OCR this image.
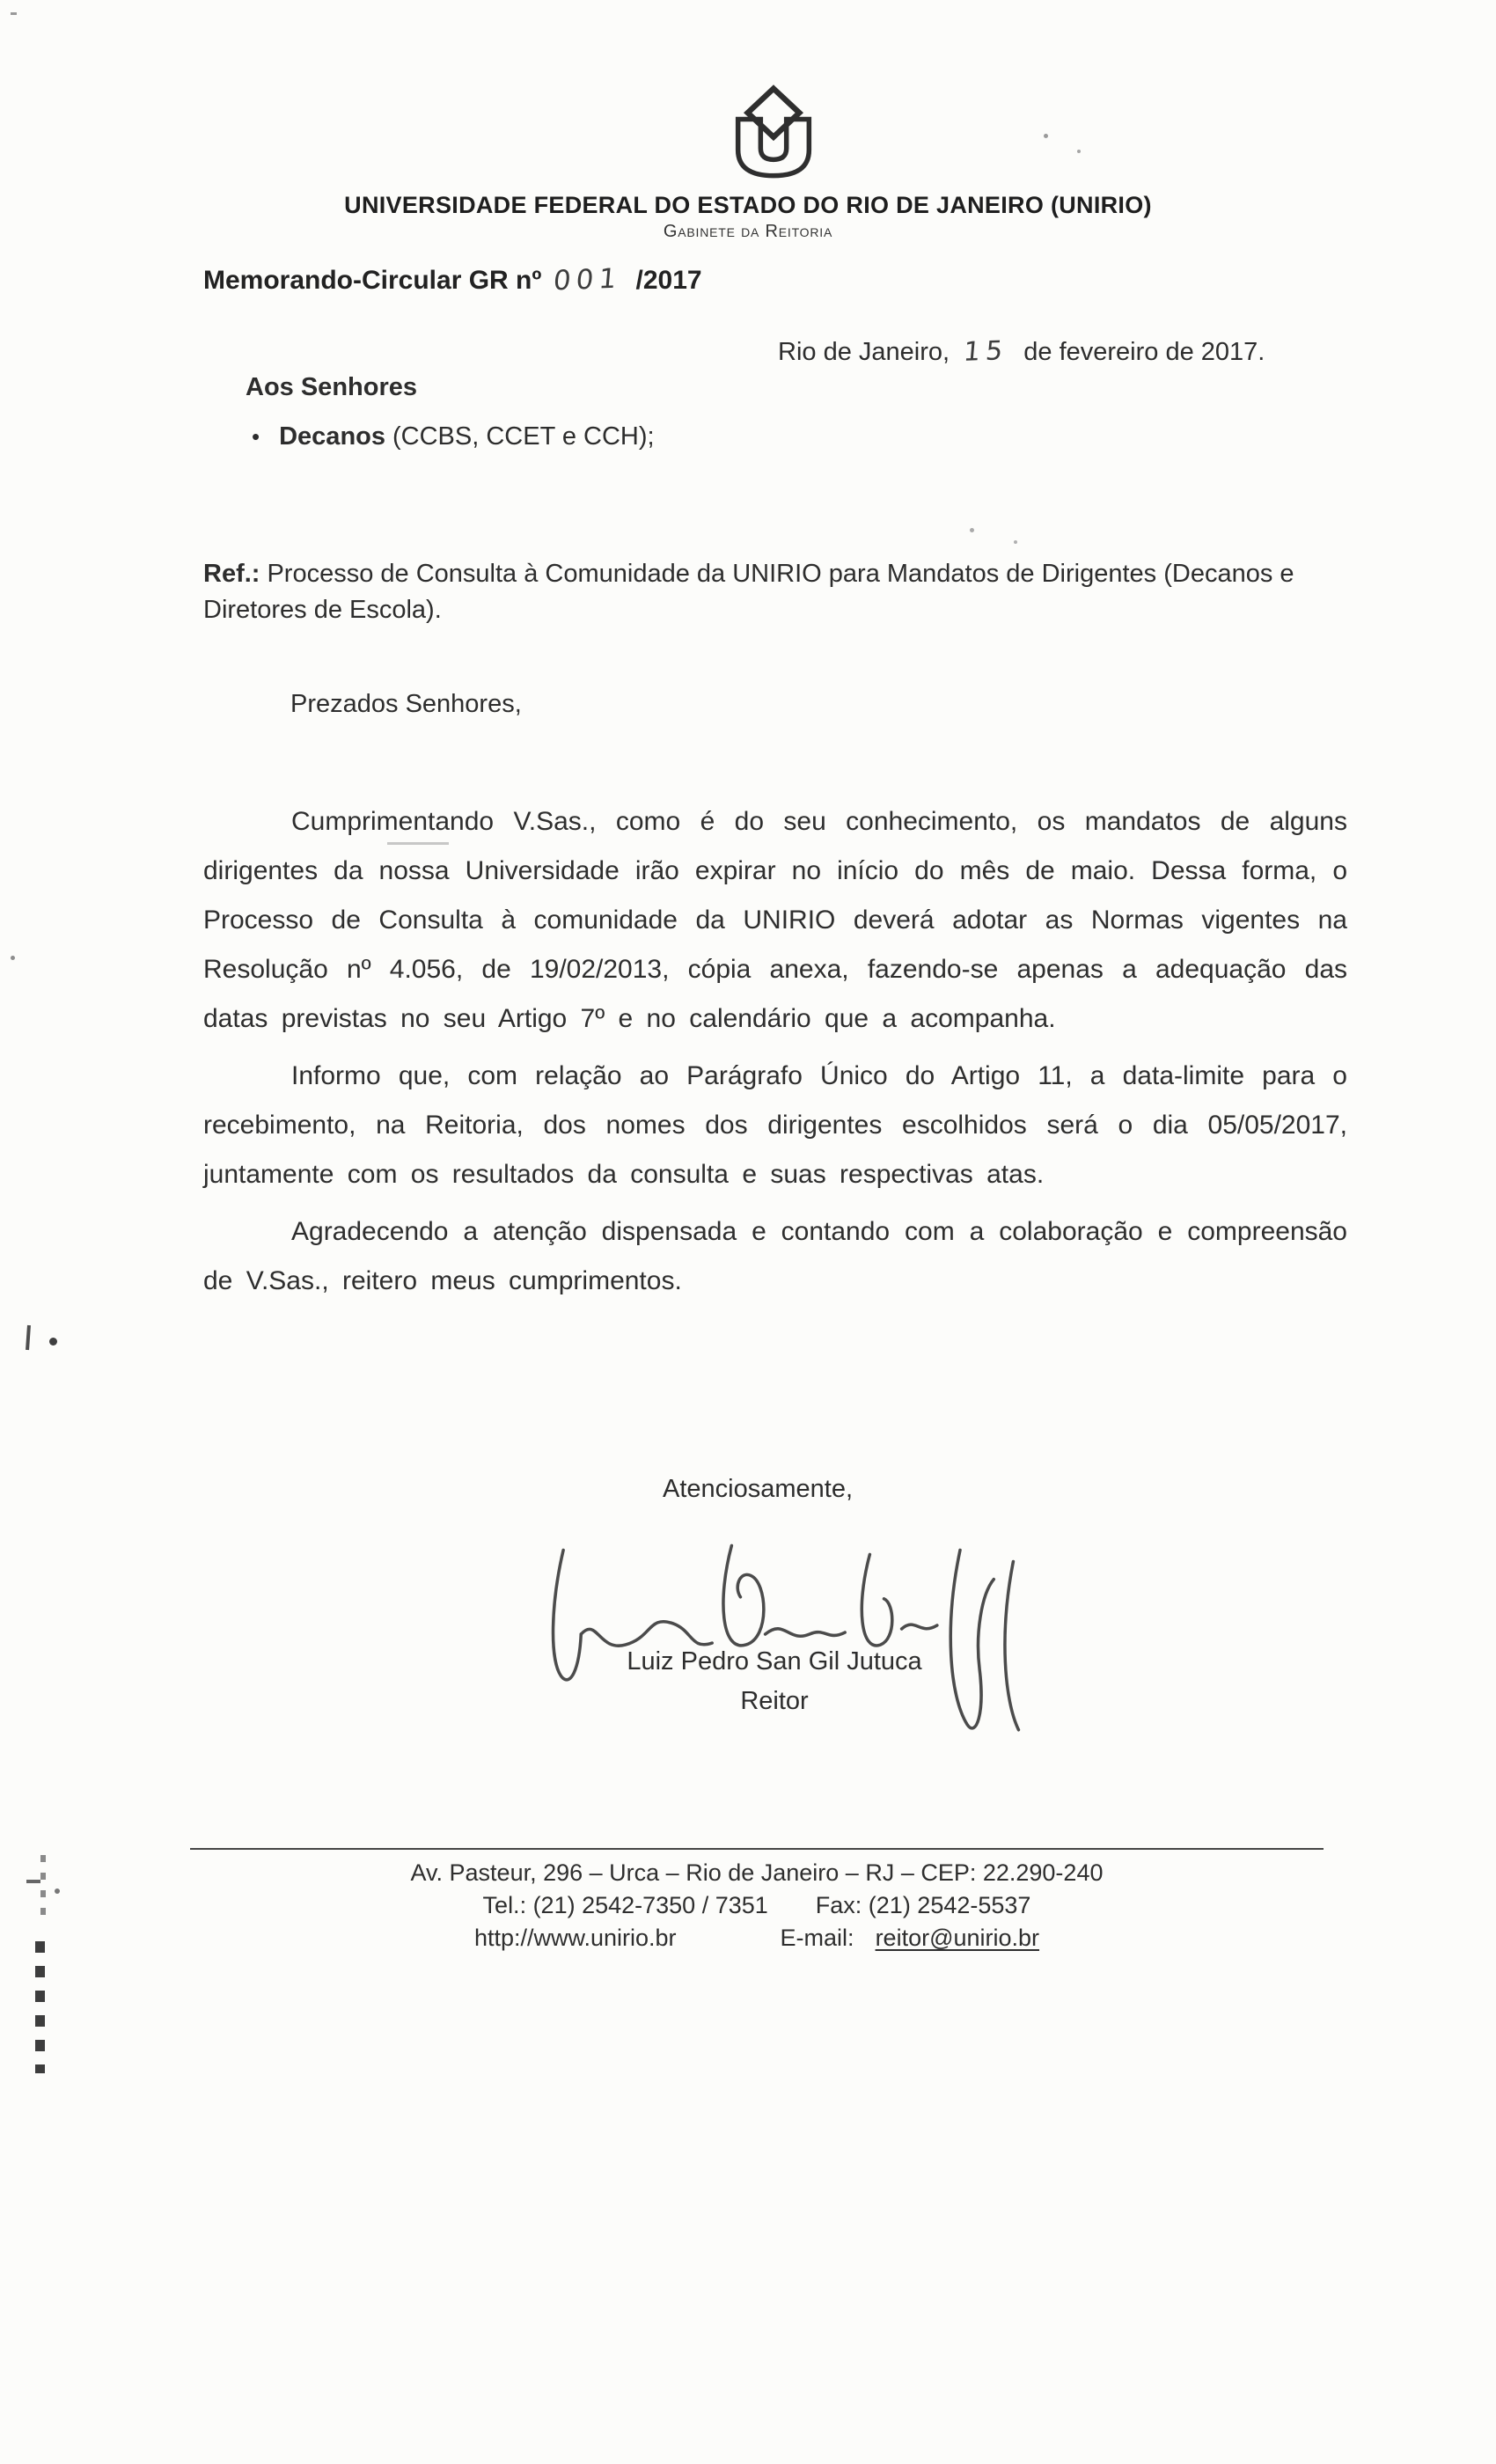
UNIVERSIDADE FEDERAL DO ESTADO DO RIO DE JANEIRO (UNIRIO)
Gabinete da Reitoria
Memorando-Circular GR nº 001 /2017
Rio de Janeiro, 15 de fevereiro de 2017.
Aos Senhores
• Decanos (CCBS, CCET e CCH);

Ref.: Processo de Consulta à Comunidade da UNIRIO para Mandatos de Dirigentes (Decanos e Diretores de Escola).

Prezados Senhores,

Cumprimentando V.Sas., como é do seu conhecimento, os mandatos de alguns dirigentes da nossa Universidade irão expirar no início do mês de maio. Dessa forma, o Processo de Consulta à comunidade da UNIRIO deverá adotar as Normas vigentes na Resolução nº 4.056, de 19/02/2013, cópia anexa, fazendo-se apenas a adequação das datas previstas no seu Artigo 7º e no calendário que a acompanha.

Informo que, com relação ao Parágrafo Único do Artigo 11, a data-limite para o recebimento, na Reitoria, dos nomes dos dirigentes escolhidos será o dia 05/05/2017, juntamente com os resultados da consulta e suas respectivas atas.

Agradecendo a atenção dispensada e contando com a colaboração e compreensão de V.Sas., reitero meus cumprimentos.

Atenciosamente,
Luiz Pedro San Gil Jutuca
Reitor
Av. Pasteur, 296 – Urca – Rio de Janeiro – RJ – CEP: 22.290-240
Tel.: (21) 2542-7350 / 7351 Fax: (21) 2542-5537
http://www.unirio.br	E-mail: reitor@unirio.br
